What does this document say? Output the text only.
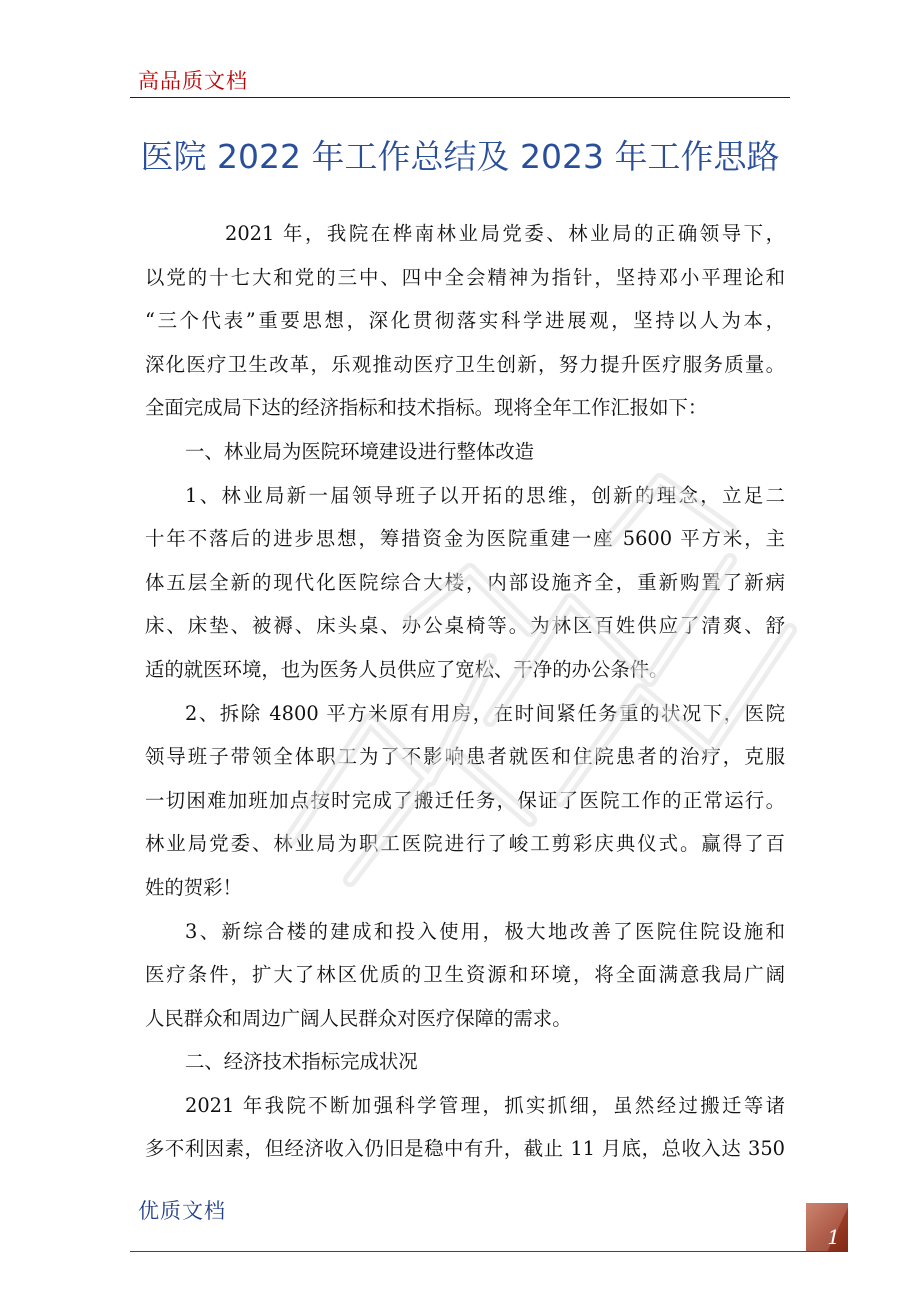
高品质文档
医院 2022 年工作总结及 2023 年工作思路
2021 年，我院在桦南林业局党委、林业局的正确领导下，
以党的十七大和党的三中、四中全会精神为指针，坚持邓小平理论和
“三个代表”重要思想，深化贯彻落实科学进展观，坚持以人为本，
深化医疗卫生改革，乐观推动医疗卫生创新，努力提升医疗服务质量。
全面完成局下达的经济指标和技术指标。现将全年工作汇报如下：
一、林业局为医院环境建设进行整体改造
1、林业局新一届领导班子以开拓的思维，创新的理念，立足二
十年不落后的进步思想，筹措资金为医院重建一座 5600 平方米，主
体五层全新的现代化医院综合大楼，内部设施齐全，重新购置了新病
床、床垫、被褥、床头桌、办公桌椅等。为林区百姓供应了清爽、舒
适的就医环境，也为医务人员供应了宽松、干净的办公条件。
2、拆除 4800 平方米原有用房，在时间紧任务重的状况下，医院
领导班子带领全体职工为了不影响患者就医和住院患者的治疗，克服
一切困难加班加点按时完成了搬迁任务，保证了医院工作的正常运行。
林业局党委、林业局为职工医院进行了峻工剪彩庆典仪式。赢得了百
姓的贺彩！
3、新综合楼的建成和投入使用，极大地改善了医院住院设施和
医疗条件，扩大了林区优质的卫生资源和环境，将全面满意我局广阔
人民群众和周边广阔人民群众对医疗保障的需求。
二、经济技术指标完成状况
2021 年我院不断加强科学管理，抓实抓细，虽然经过搬迁等诸
多不利因素，但经济收入仍旧是稳中有升，截止 11 月底，总收入达 350
优质文档
1
